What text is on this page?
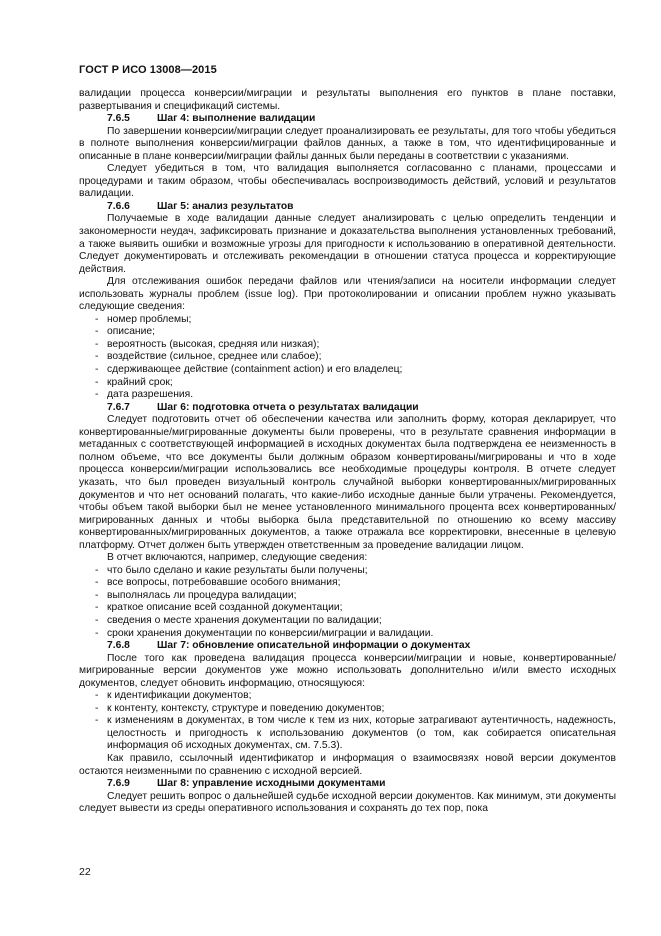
ГОСТ Р ИСО 13008—2015

валидации процесса конверсии/миграции и результаты выполнения его пунктов в плане поставки, развертывания и спецификаций системы.

7.6.5	Шаг 4: выполнение валидации

По завершении конверсии/миграции следует проанализировать ее результаты, для того чтобы убедиться в полноте выполнения конверсии/миграции файлов данных, а также в том, что идентифицированные и описанные в плане конверсии/миграции файлы данных были переданы в соответствии с указаниями.

Следует убедиться в том, что валидация выполняется согласованно с планами, процессами и процедурами и таким образом, чтобы обеспечивалась воспроизводимость действий, условий и результатов валидации.

7.6.6	Шаг 5: анализ результатов

Получаемые в ходе валидации данные следует анализировать с целью определить тенденции и закономерности неудач, зафиксировать признание и доказательства выполнения установленных требований, а также выявить ошибки и возможные угрозы для пригодности к использованию в оперативной деятельности. Следует документировать и отслеживать рекомендации в отношении статуса процесса и корректирующие действия.

Для отслеживания ошибок передачи файлов или чтения/записи на носители информации следует использовать журналы проблем (issue log). При протоколировании и описании проблем нужно указывать следующие сведения:

- номер проблемы;

- описание;

- вероятность (высокая, средняя или низкая);

- воздействие (сильное, среднее или слабое);

- сдерживающее действие (containment action) и его владелец;

- крайний срок;

- дата разрешения.

7.6.7	Шаг 6: подготовка отчета о результатах валидации

Следует подготовить отчет об обеспечении качества или заполнить форму, которая декларирует, что конвертированные/мигрированные документы были проверены, что в результате сравнения информации в метаданных с соответствующей информацией в исходных документах была подтверждена ее неизменность в полном объеме, что все документы были должным образом конвертированы/мигрированы и что в ходе процесса конверсии/миграции использовались все необходимые процедуры контроля. В отчете следует указать, что был проведен визуальный контроль случайной выборки конвертированных/мигрированных документов и что нет оснований полагать, что какие-либо исходные данные были утрачены. Рекомендуется, чтобы объем такой выборки был не менее установленного минимального процента всех конвертированных/мигрированных данных и чтобы выборка была представительной по отношению ко всему массиву конвертированных/мигрированных документов, а также отражала все корректировки, внесенные в целевую платформу. Отчет должен быть утвержден ответственным за проведение валидации лицом.

В отчет включаются, например, следующие сведения:

- что было сделано и какие результаты были получены;

- все вопросы, потребовавшие особого внимания;

- выполнялась ли процедура валидации;

- краткое описание всей созданной документации;

- сведения о месте хранения документации по валидации;

- сроки хранения документации по конверсии/миграции и валидации.

7.6.8	Шаг 7: обновление описательной информации о документах

После того как проведена валидация процесса конверсии/миграции и новые, конвертированные/мигрированные версии документов уже можно использовать дополнительно и/или вместо исходных документов, следует обновить информацию, относящуюся:

- к идентификации документов;

- к контенту, контексту, структуре и поведению документов;

- к изменениям в документах, в том числе к тем из них, которые затрагивают аутентичность, надежность, целостность и пригодность к использованию документов (о том, как собирается описательная информация об исходных документах, см. 7.5.3).

Как правило, ссылочный идентификатор и информация о взаимосвязях новой версии документов остаются неизменными по сравнению с исходной версией.

7.6.9	Шаг 8: управление исходными документами

Следует решить вопрос о дальнейшей судьбе исходной версии документов. Как минимум, эти документы следует вывести из среды оперативного использования и сохранять до тех пор, пока

22
